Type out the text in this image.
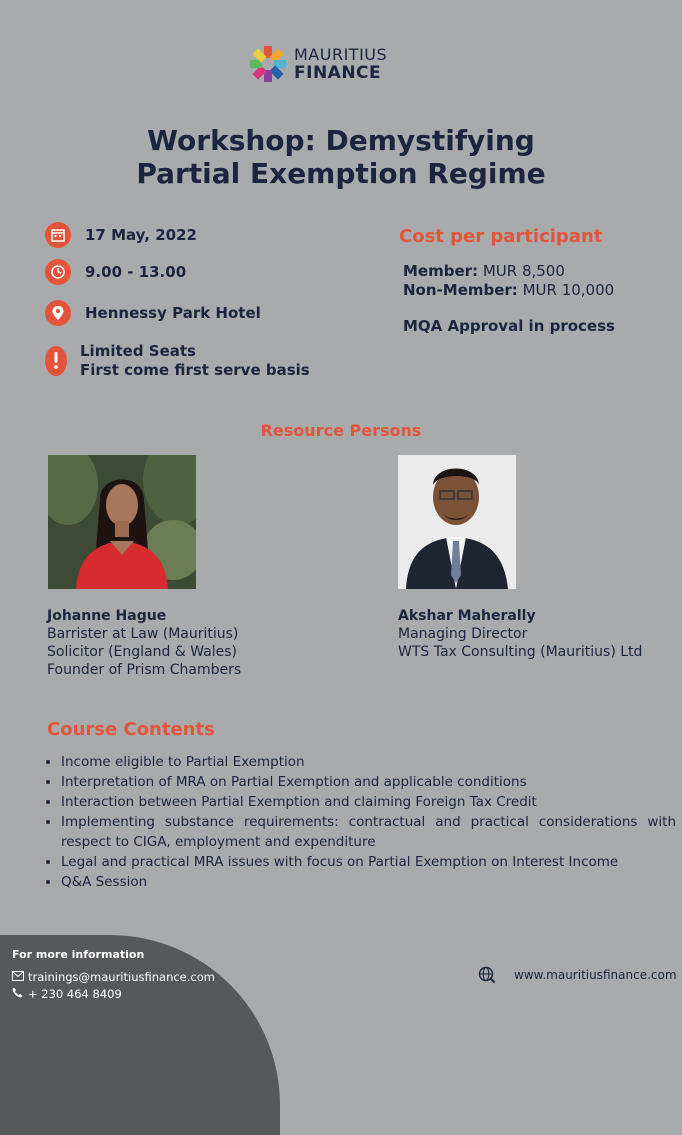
MAURITIUS
FINANCE
Workshop: Demystifying
Partial Exemption Regime
17 May, 2022
9.00 - 13.00
Hennessy Park Hotel
Limited Seats
First come first serve basis
Cost per participant
Member: MUR 8,500
Non-Member: MUR 10,000
MQA Approval in process
Resource Persons
Johanne Hague
Barrister at Law (Mauritius)
Solicitor (England & Wales)
Founder of Prism Chambers
Akshar Maherally
Managing Director
WTS Tax Consulting (Mauritius) Ltd
Course Contents
• Income eligible to Partial Exemption
• Interpretation of MRA on Partial Exemption and applicable conditions
• Interaction between Partial Exemption and claiming Foreign Tax Credit
• Implementing substance requirements: contractual and practical considerations with respect to CIGA, employment and expenditure
• Legal and practical MRA issues with focus on Partial Exemption on Interest Income
• Q&A Session
For more information
trainings@mauritiusfinance.com
+ 230 464 8409
www.mauritiusfinance.com
